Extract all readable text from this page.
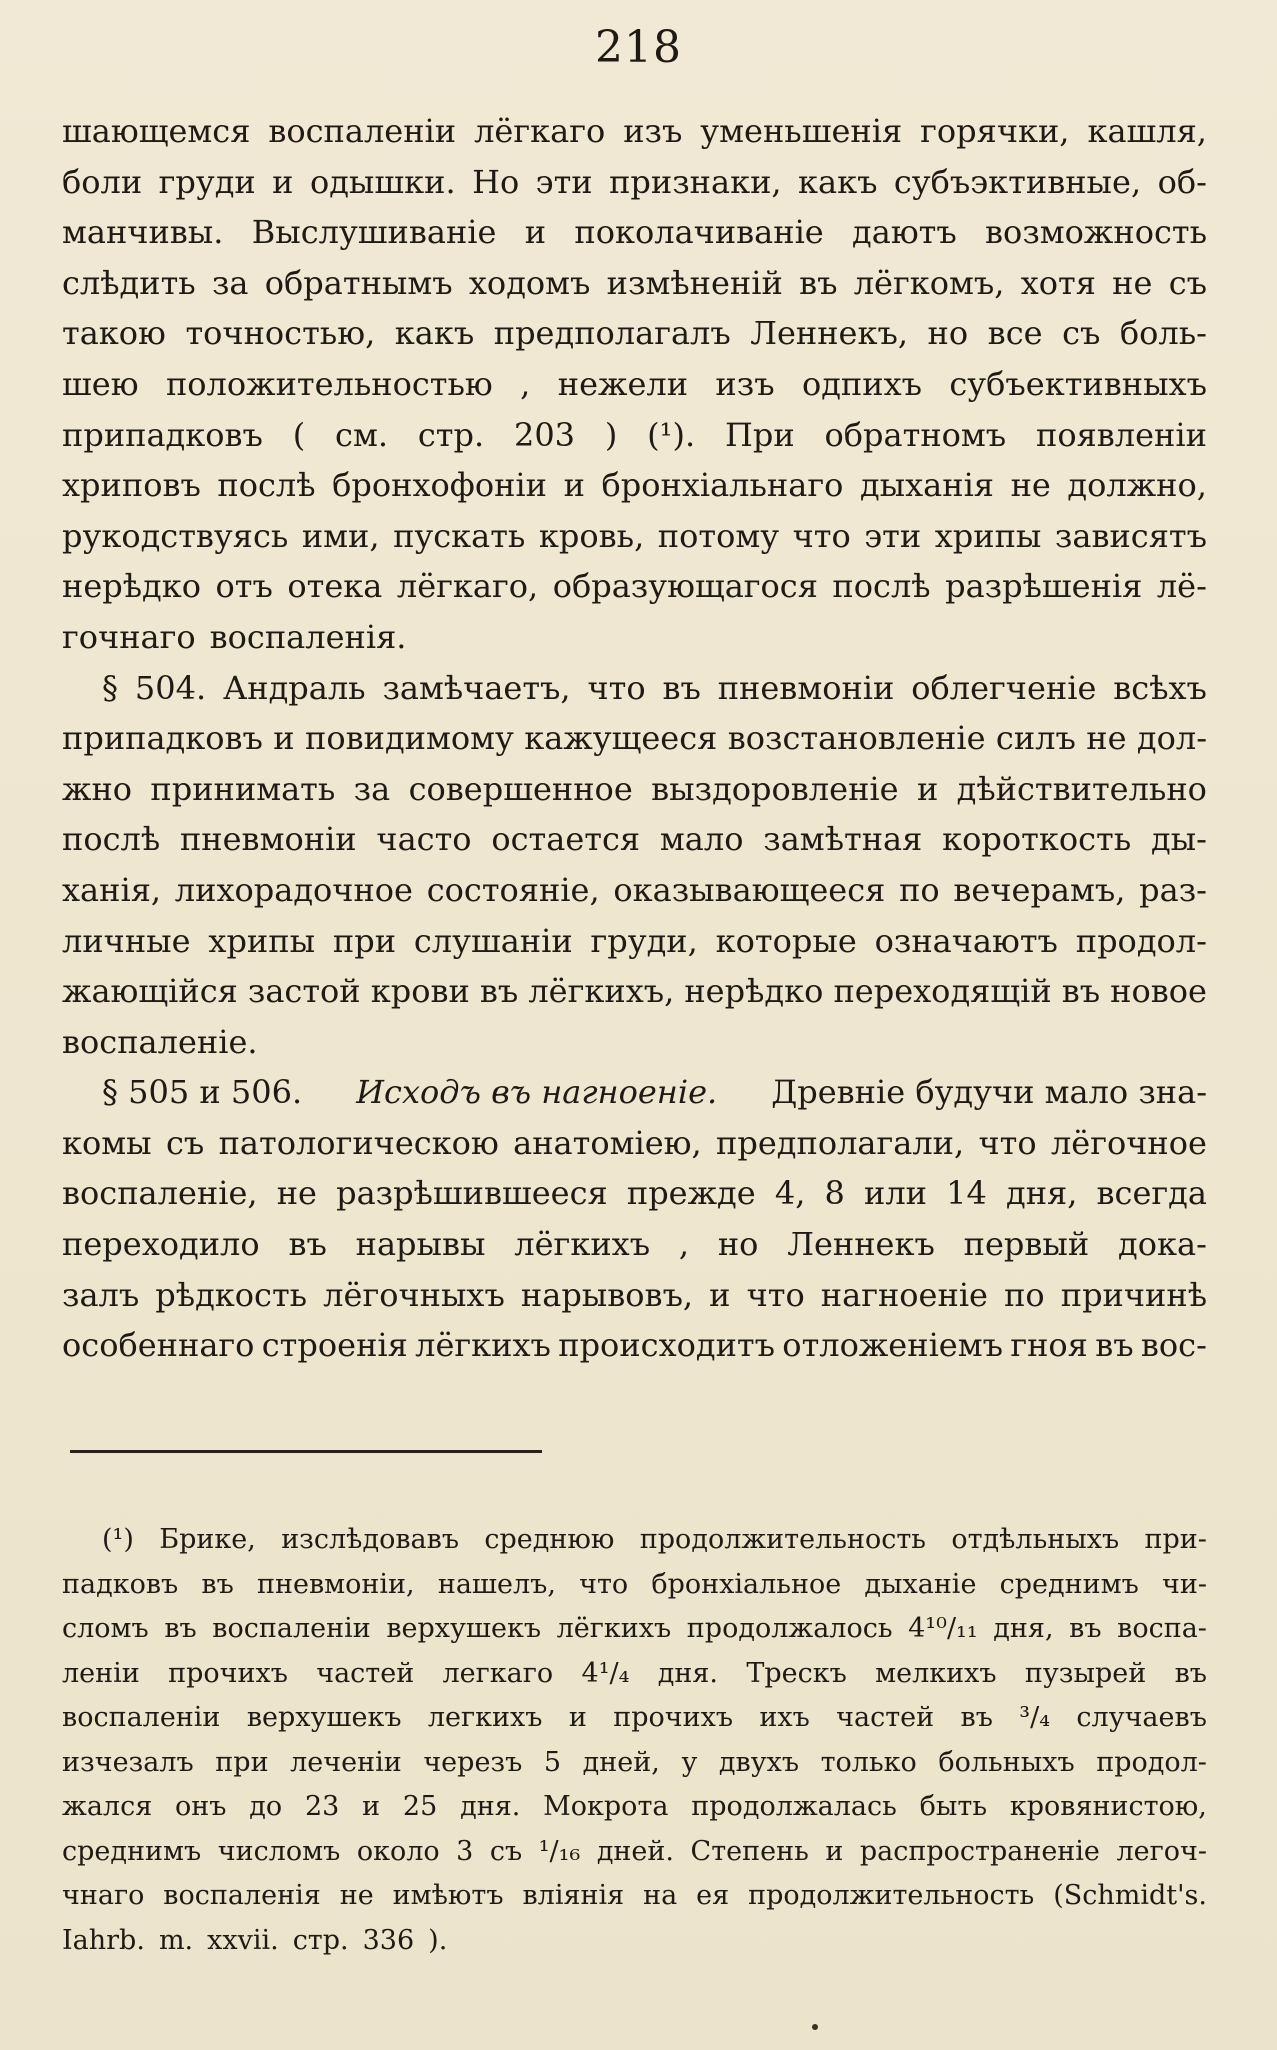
218
шающемся воспаленіи лёгкаго изъ уменьшенія горячки, кашля,
боли груди и одышки. Но эти признаки, какъ субъэктивные, об-
манчивы. Выслушиваніе и поколачиваніе даютъ возможность
слѣдить за обратнымъ ходомъ измѣненій въ лёгкомъ, хотя не съ
такою точностью, какъ предполагалъ Леннекъ, но все съ боль-
шею положительностью , нежели изъ одпихъ субъективныхъ
припадковъ ( см. стр. 203 ) (¹). При обратномъ появленіи
хриповъ послѣ бронхофоніи и бронхіальнаго дыханія не должно,
рукодствуясь ими, пускать кровь, потому что эти хрипы зависятъ
нерѣдко отъ отека лёгкаго, образующагося послѣ разрѣшенія лё-
гочнаго воспаленія.
§ 504. Андраль замѣчаетъ, что въ пневмоніи облегченіе всѣхъ
припадковъ и повидимому кажущееся возстановленіе силъ не дол-
жно принимать за совершенное выздоровленіе и дѣйствительно
послѣ пневмоніи часто остается мало замѣтная короткость ды-
ханія, лихорадочное состояніе, оказывающееся по вечерамъ, раз-
личные хрипы при слушаніи груди, которые означаютъ продол-
жающійся застой крови въ лёгкихъ, нерѣдко переходящій въ новое
воспаленіе.
§ 505 и 506. Исходъ въ нагноеніе. Древніе будучи мало зна-
комы съ патологическою анатоміею, предполагали, что лёгочное
воспаленіе, не разрѣшившееся прежде 4, 8 или 14 дня, всегда
переходило въ нарывы лёгкихъ , но Леннекъ первый дока-
залъ рѣдкость лёгочныхъ нарывовъ, и что нагноеніе по причинѣ
особеннаго строенія лёгкихъ происходитъ отложеніемъ гноя въ вос-
(¹) Брике, изслѣдовавъ среднюю продолжительность отдѣльныхъ при-
падковъ въ пневмоніи, нашелъ, что бронхіальное дыханіе среднимъ чи-
сломъ въ воспаленіи верхушекъ лёгкихъ продолжалось 4¹⁰/₁₁ дня, въ воспа-
леніи прочихъ частей легкаго 4¹/₄ дня. Трескъ мелкихъ пузырей въ
воспаленіи верхушекъ легкихъ и прочихъ ихъ частей въ ³/₄ случаевъ
изчезалъ при леченіи черезъ 5 дней, у двухъ только больныхъ продол-
жался онъ до 23 и 25 дня. Мокрота продолжалась быть кровянистою,
среднимъ числомъ около 3 съ ¹/₁₆ дней. Степень и распространеніе легоч-
чнаго воспаленія не имѣютъ вліянія на ея продолжительность (Schmidt's.
Iahrb. m. xxvii. стр. 336 ).
